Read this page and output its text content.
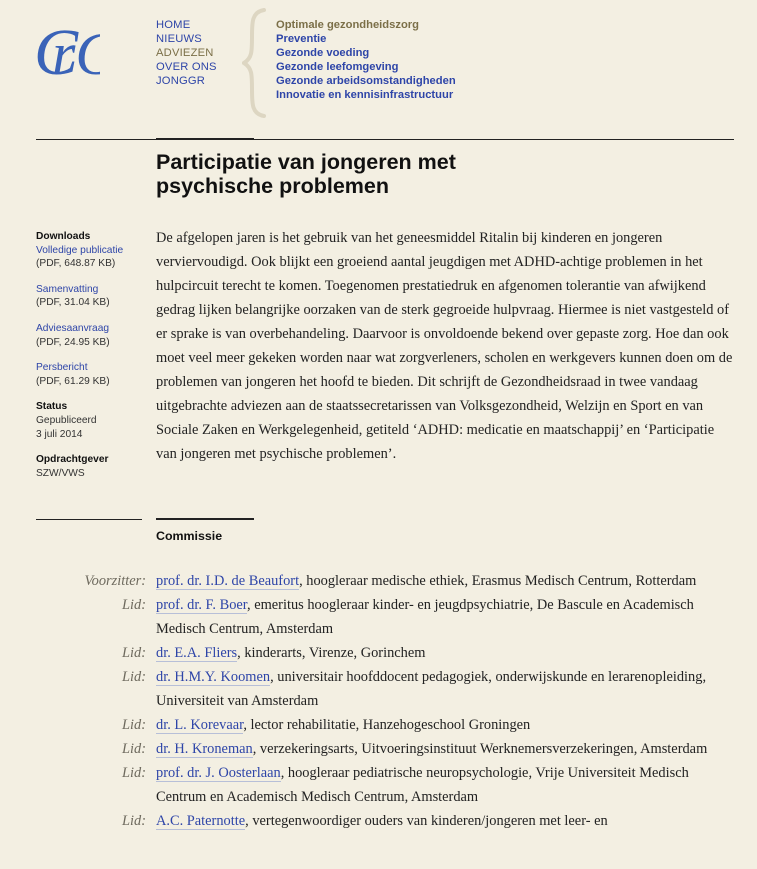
C
r	HOME
NIEUWS
ADVIEZEN
OVER ONS
JONGGR
Optimale gezondheidszorg
Preventie
Gezonde voeding
Gezonde leefomgeving
Gezonde arbeidsomstandigheden
Innovatie en kennisinfrastructuur
Participatie van jongeren met psychische problemen
Downloads
Volledige publicatie
(PDF, 648.87 KB)
Samenvatting
(PDF, 31.04 KB)
Adviesaanvraag
(PDF, 24.95 KB)
Persbericht
(PDF, 61.29 KB)
Status
Gepubliceerd
3 juli 2014
Opdrachtgever
SZW/VWS

De afgelopen jaren is het gebruik van het geneesmiddel Ritalin bij kinderen en jongeren verviervoudigd. Ook blijkt een groeiend aantal jeugdigen met ADHD-achtige problemen in het hulpcircuit terecht te komen. Toegenomen prestatiedruk en afgenomen tolerantie van afwijkend gedrag lijken belangrijke oorzaken van de sterk gegroeide hulpvraag. Hiermee is niet vastgesteld of er sprake is van overbehandeling. Daarvoor is onvoldoende bekend over gepaste zorg. Hoe dan ook moet veel meer gekeken worden naar wat zorgverleners, scholen en werkgevers kunnen doen om de problemen van jongeren het hoofd te bieden. Dit schrijft de Gezondheidsraad in twee vandaag uitgebrachte adviezen aan de staatssecretarissen van Volksgezondheid, Welzijn en Sport en van Sociale Zaken en Werkgelegenheid, getiteld ‘ADHD: medicatie en maatschappij’ en ‘Participatie van jongeren met psychische problemen’.

Commissie
Voorzitter: prof. dr. I.D. de Beaufort, hoogleraar medische ethiek, Erasmus Medisch Centrum, Rotterdam
Lid: prof. dr. F. Boer, emeritus hoogleraar kinder- en jeugdpsychiatrie, De Bascule en Academisch Medisch Centrum, Amsterdam
Lid: dr. E.A. Fliers, kinderarts, Virenze, Gorinchem
Lid: dr. H.M.Y. Koomen, universitair hoofddocent pedagogiek, onderwijskunde en lerarenopleiding, Universiteit van Amsterdam
Lid: dr. L. Korevaar, lector rehabilitatie, Hanzehogeschool Groningen
Lid: dr. H. Kroneman, verzekeringsarts, Uitvoeringsinstituut Werknemersverzekeringen, Amsterdam
Lid: prof. dr. J. Oosterlaan, hoogleraar pediatrische neuropsychologie, Vrije Universiteit Medisch Centrum en Academisch Medisch Centrum, Amsterdam
Lid: A.C. Paternotte, vertegenwoordiger ouders van kinderen/jongeren met leer- en
